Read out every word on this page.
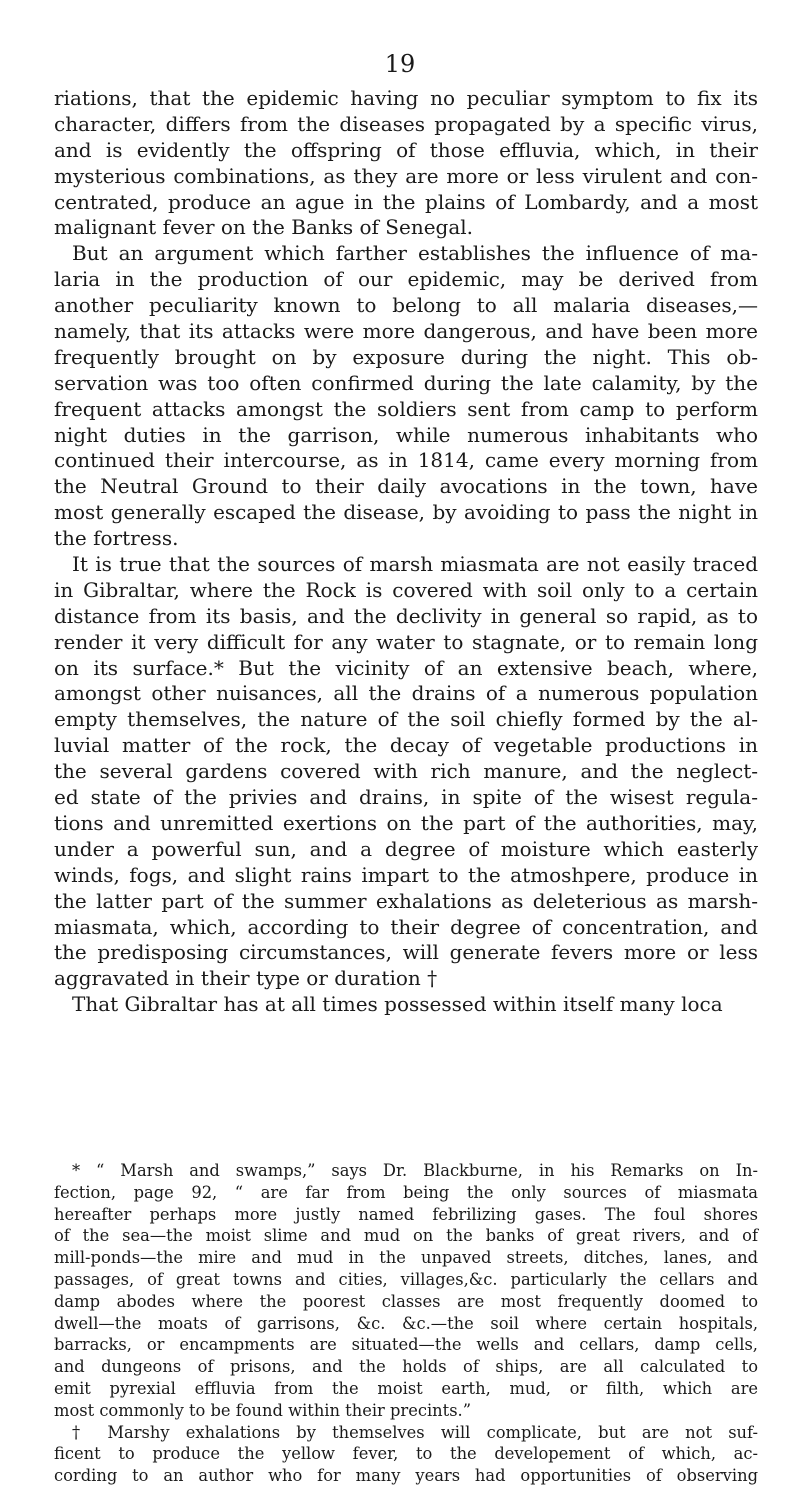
19
riations, that the epidemic having no peculiar symptom to fix its
character, differs from the diseases propagated by a specific virus,
and is evidently the offspring of those effluvia, which, in their
mysterious combinations, as they are more or less virulent and con-
centrated, produce an ague in the plains of Lombardy, and a most
malignant fever on the Banks of Senegal.
But an argument which farther establishes the influence of ma-
laria in the production of our epidemic, may be derived from
another peculiarity known to belong to all malaria diseases,—
namely, that its attacks were more dangerous, and have been more
frequently brought on by exposure during the night. This ob-
servation was too often confirmed during the late calamity, by the
frequent attacks amongst the soldiers sent from camp to perform
night duties in the garrison, while numerous inhabitants who
continued their intercourse, as in 1814, came every morning from
the Neutral Ground to their daily avocations in the town, have
most generally escaped the disease, by avoiding to pass the night in
the fortress.
It is true that the sources of marsh miasmata are not easily traced
in Gibraltar, where the Rock is covered with soil only to a certain
distance from its basis, and the declivity in general so rapid, as to
render it very difficult for any water to stagnate, or to remain long
on its surface.* But the vicinity of an extensive beach, where,
amongst other nuisances, all the drains of a numerous population
empty themselves, the nature of the soil chiefly formed by the al-
luvial matter of the rock, the decay of vegetable productions in
the several gardens covered with rich manure, and the neglect-
ed state of the privies and drains, in spite of the wisest regula-
tions and unremitted exertions on the part of the authorities, may,
under a powerful sun, and a degree of moisture which easterly
winds, fogs, and slight rains impart to the atmoshpere, produce in
the latter part of the summer exhalations as deleterious as marsh-
miasmata, which, according to their degree of concentration, and
the predisposing circumstances, will generate fevers more or less
aggravated in their type or duration †
That Gibraltar has at all times possessed within itself many loca
* “ Marsh and swamps,” says Dr. Blackburne, in his Remarks on In-
fection, page 92, “ are far from being the only sources of miasmata
hereafter perhaps more justly named febrilizing gases. The foul shores
of the sea—the moist slime and mud on the banks of great rivers, and of
mill-ponds—the mire and mud in the unpaved streets, ditches, lanes, and
passages, of great towns and cities, villages,&c. particularly the cellars and
damp abodes where the poorest classes are most frequently doomed to
dwell—the moats of garrisons, &c. &c.—the soil where certain hospitals,
barracks, or encampments are situated—the wells and cellars, damp cells,
and dungeons of prisons, and the holds of ships, are all calculated to
emit pyrexial effluvia from the moist earth, mud, or filth, which are
most commonly to be found within their precints.”
† Marshy exhalations by themselves will complicate, but are not suf-
ficent to produce the yellow fever, to the developement of which, ac-
cording to an author who for many years had opportunities of observing
